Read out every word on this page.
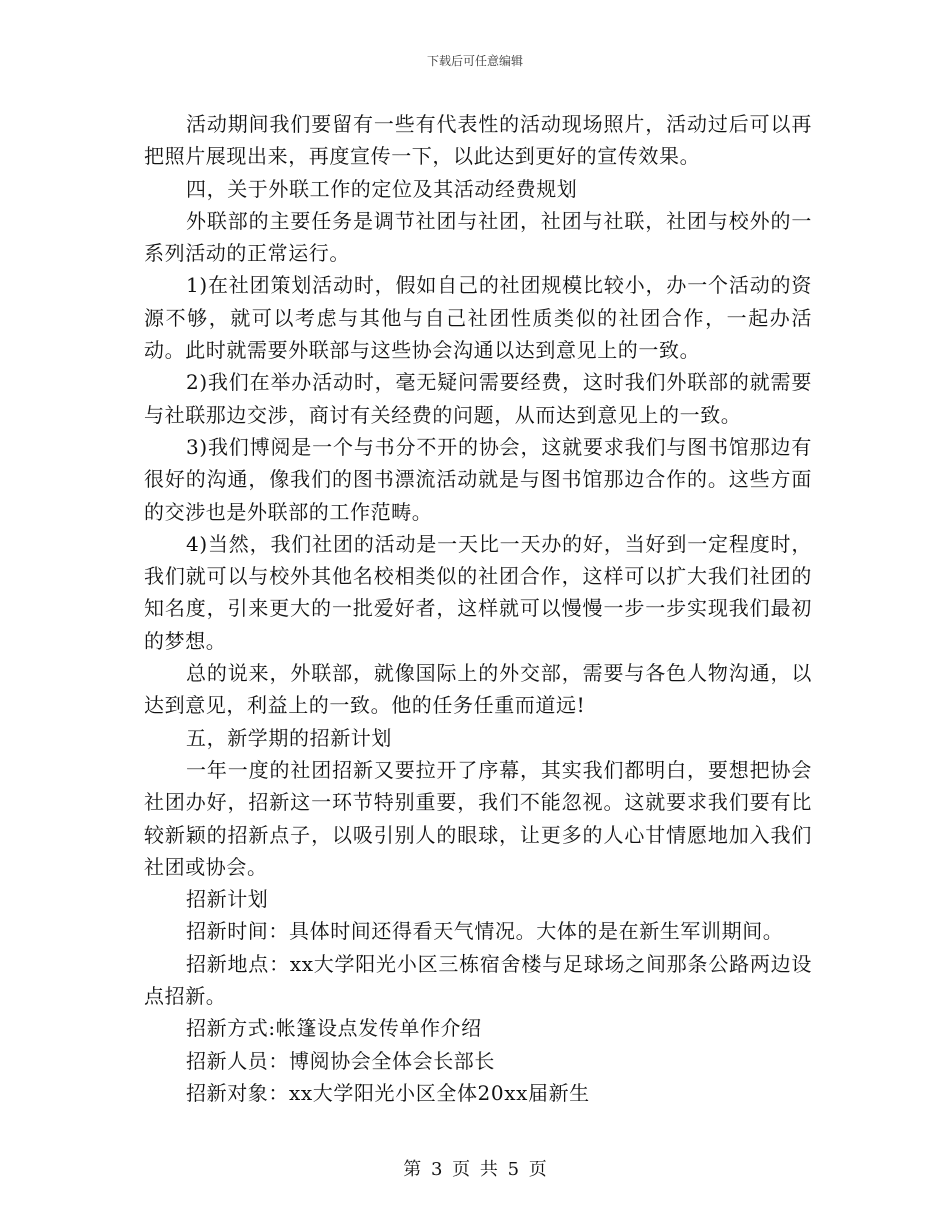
下载后可任意编辑

活动期间我们要留有一些有代表性的活动现场照片，活动过后可以再把照片展现出来，再度宣传一下，以此达到更好的宣传效果。

四，关于外联工作的定位及其活动经费规划

外联部的主要任务是调节社团与社团，社团与社联，社团与校外的一系列活动的正常运行。

1)在社团策划活动时，假如自己的社团规模比较小，办一个活动的资源不够，就可以考虑与其他与自己社团性质类似的社团合作，一起办活动。此时就需要外联部与这些协会沟通以达到意见上的一致。

2)我们在举办活动时，毫无疑问需要经费，这时我们外联部的就需要与社联那边交涉，商讨有关经费的问题，从而达到意见上的一致。

3)我们博阅是一个与书分不开的协会，这就要求我们与图书馆那边有很好的沟通，像我们的图书漂流活动就是与图书馆那边合作的。这些方面的交涉也是外联部的工作范畴。

4)当然，我们社团的活动是一天比一天办的好，当好到一定程度时，我们就可以与校外其他名校相类似的社团合作，这样可以扩大我们社团的知名度，引来更大的一批爱好者，这样就可以慢慢一步一步实现我们最初的梦想。

总的说来，外联部，就像国际上的外交部，需要与各色人物沟通，以达到意见，利益上的一致。他的任务任重而道远!

五，新学期的招新计划

一年一度的社团招新又要拉开了序幕，其实我们都明白，要想把协会社团办好，招新这一环节特别重要，我们不能忽视。这就要求我们要有比较新颖的招新点子，以吸引别人的眼球，让更多的人心甘情愿地加入我们社团或协会。

招新计划

招新时间：具体时间还得看天气情况。大体的是在新生军训期间。

招新地点：xx大学阳光小区三栋宿舍楼与足球场之间那条公路两边设点招新。

招新方式:帐篷设点发传单作介绍

招新人员：博阅协会全体会长部长

招新对象：xx大学阳光小区全体20xx届新生

第 3 页 共 5 页
